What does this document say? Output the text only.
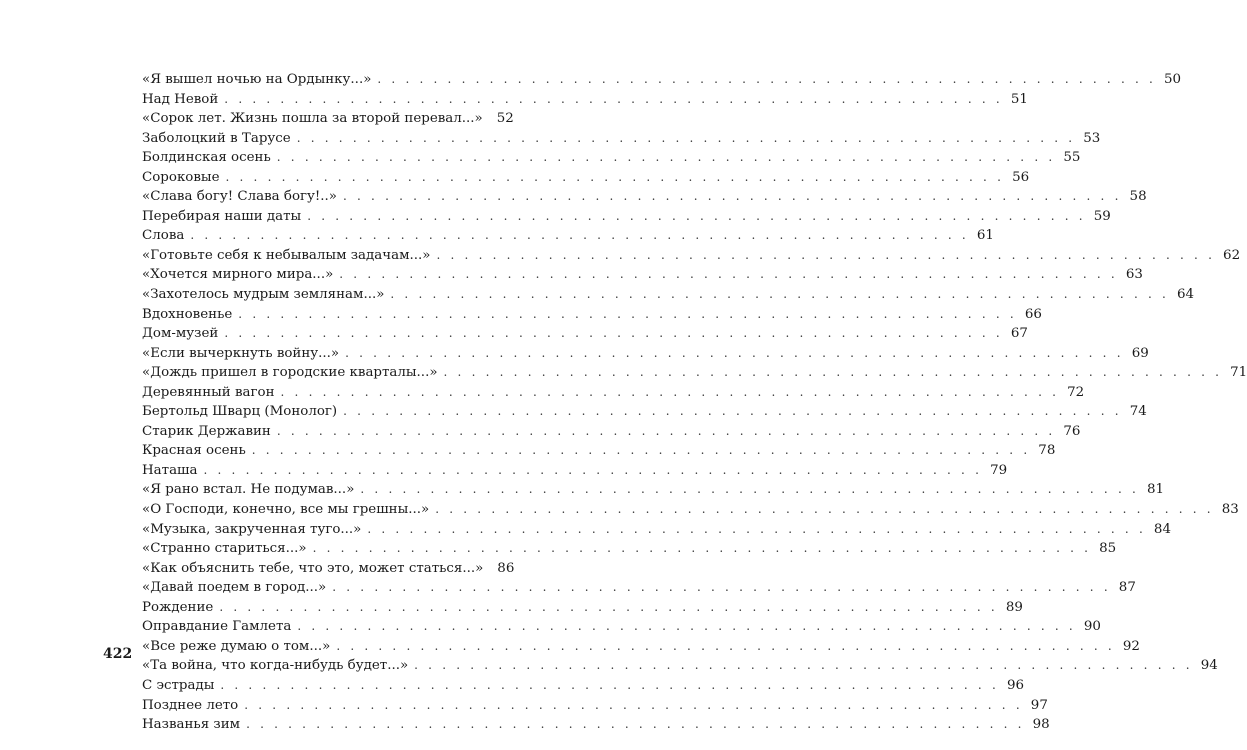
«Я вышел ночью на Ордынку...» . . . . . . . . . . . . . . . . . . . . . . . . . . . . . . . . . . . . . . . . . . . . . . . . . . . . . . . . 50
Над Невой . . . . . . . . . . . . . . . . . . . . . . . . . . . . . . . . . . . . . . . . . . . . . . . . . . . . . . . . 51
«Сорок лет. Жизнь пошла за второй перевал...»	52
Заболоцкий в Тарусе . . . . . . . . . . . . . . . . . . . . . . . . . . . . . . . . . . . . . . . . . . . . . . . . . . . . . . . . 53
Болдинская осень . . . . . . . . . . . . . . . . . . . . . . . . . . . . . . . . . . . . . . . . . . . . . . . . . . . . . . . . 55
Сороковые . . . . . . . . . . . . . . . . . . . . . . . . . . . . . . . . . . . . . . . . . . . . . . . . . . . . . . . . 56
«Слава богу! Слава богу!..» . . . . . . . . . . . . . . . . . . . . . . . . . . . . . . . . . . . . . . . . . . . . . . . . . . . . . . . . 58
Перебирая наши даты . . . . . . . . . . . . . . . . . . . . . . . . . . . . . . . . . . . . . . . . . . . . . . . . . . . . . . . . 59
Слова . . . . . . . . . . . . . . . . . . . . . . . . . . . . . . . . . . . . . . . . . . . . . . . . . . . . . . . . 61
«Готовьте себя к небывалым задачам...» . . . . . . . . . . . . . . . . . . . . . . . . . . . . . . . . . . . . . . . . . . . . . . . . . . . . . . . . 62
«Хочется мирного мира...» . . . . . . . . . . . . . . . . . . . . . . . . . . . . . . . . . . . . . . . . . . . . . . . . . . . . . . . . 63
«Захотелось мудрым землянам...» . . . . . . . . . . . . . . . . . . . . . . . . . . . . . . . . . . . . . . . . . . . . . . . . . . . . . . . . 64
Вдохновенье . . . . . . . . . . . . . . . . . . . . . . . . . . . . . . . . . . . . . . . . . . . . . . . . . . . . . . . . 66
Дом-музей . . . . . . . . . . . . . . . . . . . . . . . . . . . . . . . . . . . . . . . . . . . . . . . . . . . . . . . . 67
«Если вычеркнуть войну...» . . . . . . . . . . . . . . . . . . . . . . . . . . . . . . . . . . . . . . . . . . . . . . . . . . . . . . . . 69
«Дождь пришел в городские кварталы...» . . . . . . . . . . . . . . . . . . . . . . . . . . . . . . . . . . . . . . . . . . . . . . . . . . . . . . . . 71
Деревянный вагон . . . . . . . . . . . . . . . . . . . . . . . . . . . . . . . . . . . . . . . . . . . . . . . . . . . . . . . . 72
Бертольд Шварц (Монолог) . . . . . . . . . . . . . . . . . . . . . . . . . . . . . . . . . . . . . . . . . . . . . . . . . . . . . . . . 74
Старик Державин . . . . . . . . . . . . . . . . . . . . . . . . . . . . . . . . . . . . . . . . . . . . . . . . . . . . . . . . 76
Красная осень . . . . . . . . . . . . . . . . . . . . . . . . . . . . . . . . . . . . . . . . . . . . . . . . . . . . . . . . 78
Наташа . . . . . . . . . . . . . . . . . . . . . . . . . . . . . . . . . . . . . . . . . . . . . . . . . . . . . . . . 79
«Я рано встал. Не подумав...» . . . . . . . . . . . . . . . . . . . . . . . . . . . . . . . . . . . . . . . . . . . . . . . . . . . . . . . . 81
«О Господи, конечно, все мы грешны...» . . . . . . . . . . . . . . . . . . . . . . . . . . . . . . . . . . . . . . . . . . . . . . . . . . . . . . . . 83
«Музыка, закрученная туго...» . . . . . . . . . . . . . . . . . . . . . . . . . . . . . . . . . . . . . . . . . . . . . . . . . . . . . . . . 84
«Странно стариться...» . . . . . . . . . . . . . . . . . . . . . . . . . . . . . . . . . . . . . . . . . . . . . . . . . . . . . . . . 85
«Как объяснить тебе, что это, может статься...»	86
«Давай поедем в город...» . . . . . . . . . . . . . . . . . . . . . . . . . . . . . . . . . . . . . . . . . . . . . . . . . . . . . . . . 87
Рождение . . . . . . . . . . . . . . . . . . . . . . . . . . . . . . . . . . . . . . . . . . . . . . . . . . . . . . . . 89
Оправдание Гамлета . . . . . . . . . . . . . . . . . . . . . . . . . . . . . . . . . . . . . . . . . . . . . . . . . . . . . . . . 90
«Все реже думаю о том...» . . . . . . . . . . . . . . . . . . . . . . . . . . . . . . . . . . . . . . . . . . . . . . . . . . . . . . . . 92
«Та война, что когда-нибудь будет...» . . . . . . . . . . . . . . . . . . . . . . . . . . . . . . . . . . . . . . . . . . . . . . . . . . . . . . . . 94
С эстрады . . . . . . . . . . . . . . . . . . . . . . . . . . . . . . . . . . . . . . . . . . . . . . . . . . . . . . . . 96
Позднее лето . . . . . . . . . . . . . . . . . . . . . . . . . . . . . . . . . . . . . . . . . . . . . . . . . . . . . . . . 97
Названья зим . . . . . . . . . . . . . . . . . . . . . . . . . . . . . . . . . . . . . . . . . . . . . . . . . . . . . . . . 98
422
